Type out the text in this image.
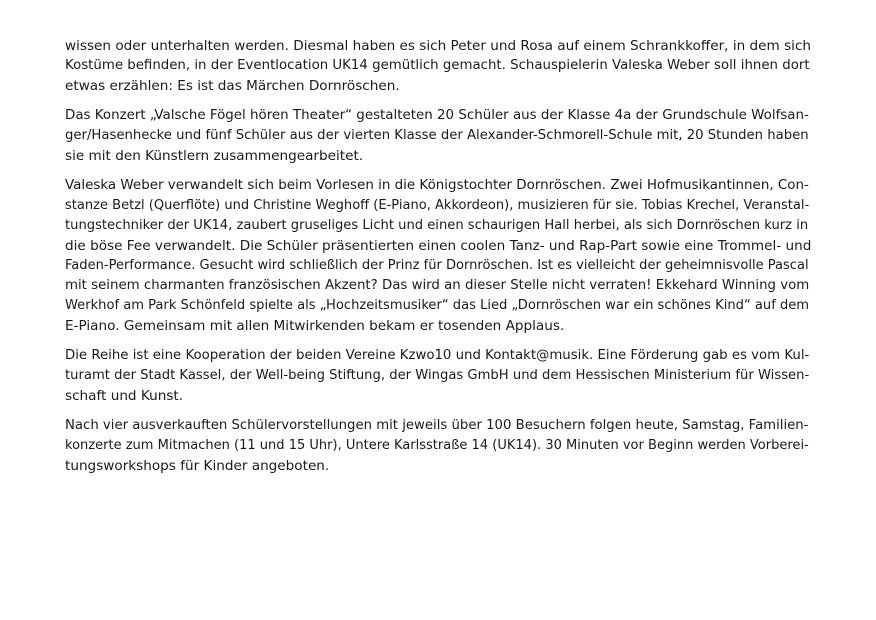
wissen oder unterhalten werden. Diesmal haben es sich Peter und Rosa auf einem Schrankkoffer, in dem sich
Kostüme befinden, in der Eventlocation UK14 gemütlich gemacht. Schauspielerin Valeska Weber soll ihnen dort
etwas erzählen: Es ist das Märchen Dornröschen.

Das Konzert „Valsche Fögel hören Theater“ gestalteten 20 Schüler aus der Klasse 4a der Grundschule Wolfsan-
ger/Hasenhecke und fünf Schüler aus der vierten Klasse der Alexander-Schmorell-Schule mit, 20 Stunden haben
sie mit den Künstlern zusammengearbeitet.

Valeska Weber verwandelt sich beim Vorlesen in die Königstochter Dornröschen. Zwei Hofmusikantinnen, Con-
stanze Betzl (Querflöte) und Christine Weghoff (E-Piano, Akkordeon), musizieren für sie. Tobias Krechel, Veranstal-
tungstechniker der UK14, zaubert gruseliges Licht und einen schaurigen Hall herbei, als sich Dornröschen kurz in
die böse Fee verwandelt. Die Schüler präsentierten einen coolen Tanz- und Rap-Part sowie eine Trommel- und
Faden-Performance. Gesucht wird schließlich der Prinz für Dornröschen. Ist es vielleicht der geheimnisvolle Pascal
mit seinem charmanten französischen Akzent? Das wird an dieser Stelle nicht verraten! Ekkehard Winning vom
Werkhof am Park Schönfeld spielte als „Hochzeitsmusiker“ das Lied „Dornröschen war ein schönes Kind“ auf dem
E-Piano. Gemeinsam mit allen Mitwirkenden bekam er tosenden Applaus.

Die Reihe ist eine Kooperation der beiden Vereine Kzwo10 und Kontakt@musik. Eine Förderung gab es vom Kul-
turamt der Stadt Kassel, der Well-being Stiftung, der Wingas GmbH und dem Hessischen Ministerium für Wissen-
schaft und Kunst.

Nach vier ausverkauften Schülervorstellungen mit jeweils über 100 Besuchern folgen heute, Samstag, Familien-
konzerte zum Mitmachen (11 und 15 Uhr), Untere Karlsstraße 14 (UK14). 30 Minuten vor Beginn werden Vorberei-
tungsworkshops für Kinder angeboten.
